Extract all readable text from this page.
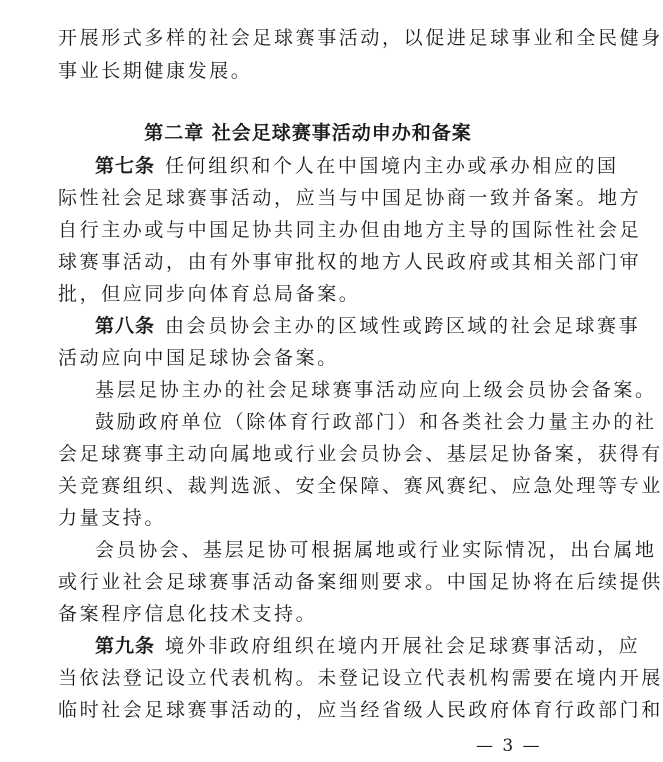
开展形式多样的社会足球赛事活动，以促进足球事业和全民健身
事业长期健康发展。
第二章 社会足球赛事活动申办和备案
第七条 任何组织和个人在中国境内主办或承办相应的国
际性社会足球赛事活动，应当与中国足协商一致并备案。地方
自行主办或与中国足协共同主办但由地方主导的国际性社会足
球赛事活动，由有外事审批权的地方人民政府或其相关部门审
批，但应同步向体育总局备案。
第八条 由会员协会主办的区域性或跨区域的社会足球赛事
活动应向中国足球协会备案。
基层足协主办的社会足球赛事活动应向上级会员协会备案。
鼓励政府单位（除体育行政部门）和各类社会力量主办的社
会足球赛事主动向属地或行业会员协会、基层足协备案，获得有
关竞赛组织、裁判选派、安全保障、赛风赛纪、应急处理等专业
力量支持。
会员协会、基层足协可根据属地或行业实际情况，出台属地
或行业社会足球赛事活动备案细则要求。中国足协将在后续提供
备案程序信息化技术支持。
第九条 境外非政府组织在境内开展社会足球赛事活动，应
当依法登记设立代表机构。未登记设立代表机构需要在境内开展
临时社会足球赛事活动的，应当经省级人民政府体育行政部门和
— 3 —
